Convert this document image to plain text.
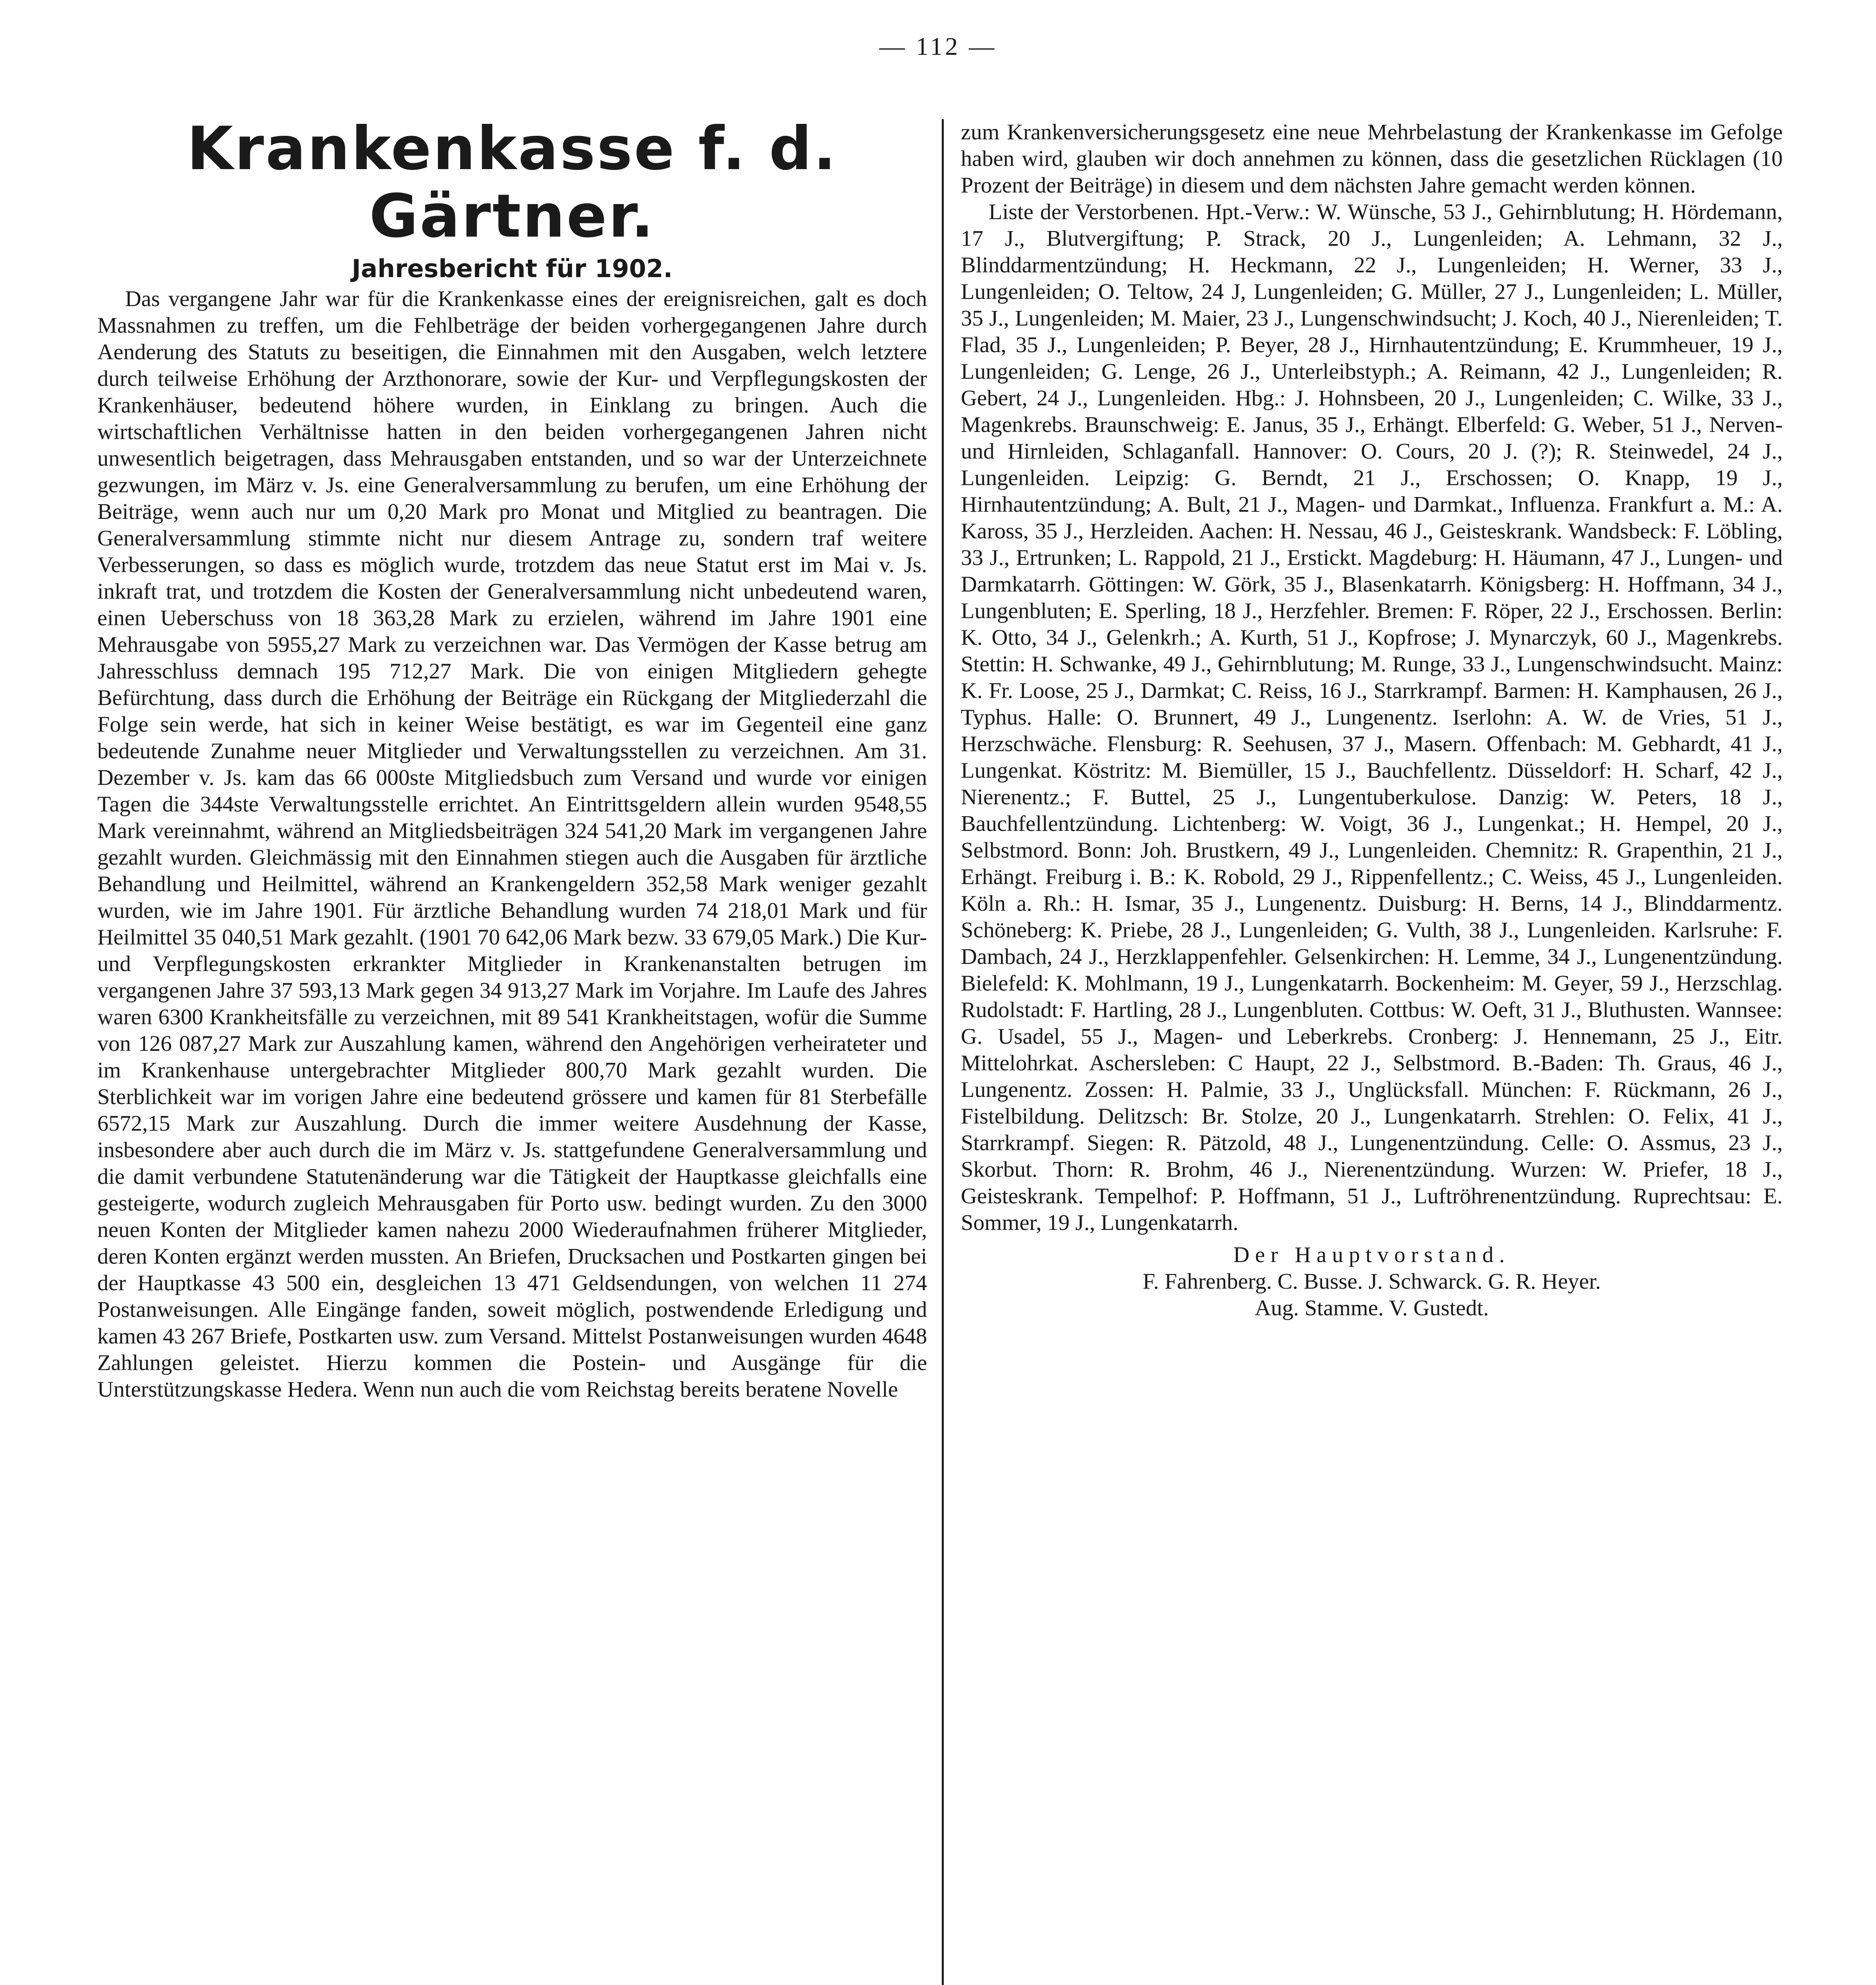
— 112 —

Krankenkasse f. d. Gärtner.

Jahresbericht für 1902.

Das vergangene Jahr war für die Krankenkasse eines der ereignisreichen, galt es doch Massnahmen zu treffen, um die Fehlbeträge der beiden vorhergegangenen Jahre durch Aenderung des Statuts zu beseitigen, die Einnahmen mit den Ausgaben, welch letztere durch teilweise Erhöhung der Arzthonorare, sowie der Kur- und Verpflegungskosten der Krankenhäuser, bedeutend höhere wurden, in Einklang zu bringen. Auch die wirtschaftlichen Verhältnisse hatten in den beiden vorhergegangenen Jahren nicht unwesentlich beigetragen, dass Mehrausgaben entstanden, und so war der Unterzeichnete gezwungen, im März v. Js. eine Generalversammlung zu berufen, um eine Erhöhung der Beiträge, wenn auch nur um 0,20 Mark pro Monat und Mitglied zu beantragen. Die Generalversammlung stimmte nicht nur diesem Antrage zu, sondern traf weitere Verbesserungen, so dass es möglich wurde, trotzdem das neue Statut erst im Mai v. Js. inkraft trat, und trotzdem die Kosten der Generalversammlung nicht unbedeutend waren, einen Ueberschuss von 18 363,28 Mark zu erzielen, während im Jahre 1901 eine Mehrausgabe von 5955,27 Mark zu verzeichnen war. Das Vermögen der Kasse betrug am Jahresschluss demnach 195 712,27 Mark. Die von einigen Mitgliedern gehegte Befürchtung, dass durch die Erhöhung der Beiträge ein Rückgang der Mitgliederzahl die Folge sein werde, hat sich in keiner Weise bestätigt, es war im Gegenteil eine ganz bedeutende Zunahme neuer Mitglieder und Verwaltungsstellen zu verzeichnen. Am 31. Dezember v. Js. kam das 66 000ste Mitgliedsbuch zum Versand und wurde vor einigen Tagen die 344ste Verwaltungsstelle errichtet. An Eintrittsgeldern allein wurden 9548,55 Mark vereinnahmt, während an Mitgliedsbeiträgen 324 541,20 Mark im vergangenen Jahre gezahlt wurden. Gleichmässig mit den Einnahmen stiegen auch die Ausgaben für ärztliche Behandlung und Heilmittel, während an Krankengeldern 352,58 Mark weniger gezahlt wurden, wie im Jahre 1901. Für ärztliche Behandlung wurden 74 218,01 Mark und für Heilmittel 35 040,51 Mark gezahlt. (1901 70 642,06 Mark bezw. 33 679,05 Mark.) Die Kur- und Verpflegungskosten erkrankter Mitglieder in Krankenanstalten betrugen im vergangenen Jahre 37 593,13 Mark gegen 34 913,27 Mark im Vorjahre. Im Laufe des Jahres waren 6300 Krankheitsfälle zu verzeichnen, mit 89 541 Krankheitstagen, wofür die Summe von 126 087,27 Mark zur Auszahlung kamen, während den Angehörigen verheirateter und im Krankenhause untergebrachter Mitglieder 800,70 Mark gezahlt wurden. Die Sterblichkeit war im vorigen Jahre eine bedeutend grössere und kamen für 81 Sterbefälle 6572,15 Mark zur Auszahlung. Durch die immer weitere Ausdehnung der Kasse, insbesondere aber auch durch die im März v. Js. stattgefundene Generalversammlung und die damit verbundene Statutenänderung war die Tätigkeit der Hauptkasse gleichfalls eine gesteigerte, wodurch zugleich Mehrausgaben für Porto usw. bedingt wurden. Zu den 3000 neuen Konten der Mitglieder kamen nahezu 2000 Wiederaufnahmen früherer Mitglieder, deren Konten ergänzt werden mussten. An Briefen, Drucksachen und Postkarten gingen bei der Hauptkasse 43 500 ein, desgleichen 13 471 Geldsendungen, von welchen 11 274 Postanweisungen. Alle Eingänge fanden, soweit möglich, postwendende Erledigung und kamen 43 267 Briefe, Postkarten usw. zum Versand. Mittelst Postanweisungen wurden 4648 Zahlungen geleistet. Hierzu kommen die Postein- und Ausgänge für die Unterstützungskasse Hedera. Wenn nun auch die vom Reichstag bereits beratene Novelle

zum Krankenversicherungsgesetz eine neue Mehrbelastung der Krankenkasse im Gefolge haben wird, glauben wir doch annehmen zu können, dass die gesetzlichen Rücklagen (10 Prozent der Beiträge) in diesem und dem nächsten Jahre gemacht werden können.

Liste der Verstorbenen. Hpt.-Verw.: W. Wünsche, 53 J., Gehirnblutung; H. Hördemann, 17 J., Blutvergiftung; P. Strack, 20 J., Lungenleiden; A. Lehmann, 32 J., Blinddarmentzündung; H. Heckmann, 22 J., Lungenleiden; H. Werner, 33 J., Lungenleiden; O. Teltow, 24 J, Lungenleiden; G. Müller, 27 J., Lungenleiden; L. Müller, 35 J., Lungenleiden; M. Maier, 23 J., Lungenschwindsucht; J. Koch, 40 J., Nierenleiden; T. Flad, 35 J., Lungenleiden; P. Beyer, 28 J., Hirnhautentzündung; E. Krummheuer, 19 J., Lungenleiden; G. Lenge, 26 J., Unterleibstyph.; A. Reimann, 42 J., Lungenleiden; R. Gebert, 24 J., Lungenleiden. Hbg.: J. Hohnsbeen, 20 J., Lungenleiden; C. Wilke, 33 J., Magenkrebs. Braunschweig: E. Janus, 35 J., Erhängt. Elberfeld: G. Weber, 51 J., Nerven- und Hirnleiden, Schlaganfall. Hannover: O. Cours, 20 J. (?); R. Steinwedel, 24 J., Lungenleiden. Leipzig: G. Berndt, 21 J., Erschossen; O. Knapp, 19 J., Hirnhautentzündung; A. Bult, 21 J., Magen- und Darmkat., Influenza. Frankfurt a. M.: A. Kaross, 35 J., Herzleiden. Aachen: H. Nessau, 46 J., Geisteskrank. Wandsbeck: F. Löbling, 33 J., Ertrunken; L. Rappold, 21 J., Erstickt. Magdeburg: H. Häumann, 47 J., Lungen- und Darmkatarrh. Göttingen: W. Görk, 35 J., Blasenkatarrh. Königsberg: H. Hoffmann, 34 J., Lungenbluten; E. Sperling, 18 J., Herzfehler. Bremen: F. Röper, 22 J., Erschossen. Berlin: K. Otto, 34 J., Gelenkrh.; A. Kurth, 51 J., Kopfrose; J. Mynarczyk, 60 J., Magenkrebs. Stettin: H. Schwanke, 49 J., Gehirnblutung; M. Runge, 33 J., Lungenschwindsucht. Mainz: K. Fr. Loose, 25 J., Darmkat; C. Reiss, 16 J., Starrkrampf. Barmen: H. Kamphausen, 26 J., Typhus. Halle: O. Brunnert, 49 J., Lungenentz. Iserlohn: A. W. de Vries, 51 J., Herzschwäche. Flensburg: R. Seehusen, 37 J., Masern. Offenbach: M. Gebhardt, 41 J., Lungenkat. Köstritz: M. Biemüller, 15 J., Bauchfellentz. Düsseldorf: H. Scharf, 42 J., Nierenentz.; F. Buttel, 25 J., Lungentuberkulose. Danzig: W. Peters, 18 J., Bauchfellentzündung. Lichtenberg: W. Voigt, 36 J., Lungenkat.; H. Hempel, 20 J., Selbstmord. Bonn: Joh. Brustkern, 49 J., Lungenleiden. Chemnitz: R. Grapenthin, 21 J., Erhängt. Freiburg i. B.: K. Robold, 29 J., Rippenfellentz.; C. Weiss, 45 J., Lungenleiden. Köln a. Rh.: H. Ismar, 35 J., Lungenentz. Duisburg: H. Berns, 14 J., Blinddarmentz. Schöneberg: K. Priebe, 28 J., Lungenleiden; G. Vulth, 38 J., Lungenleiden. Karlsruhe: F. Dambach, 24 J., Herzklappenfehler. Gelsenkirchen: H. Lemme, 34 J., Lungenentzündung. Bielefeld: K. Mohlmann, 19 J., Lungenkatarrh. Bockenheim: M. Geyer, 59 J., Herzschlag. Rudolstadt: F. Hartling, 28 J., Lungenbluten. Cottbus: W. Oeft, 31 J., Bluthusten. Wannsee: G. Usadel, 55 J., Magen- und Leberkrebs. Cronberg: J. Hennemann, 25 J., Eitr. Mittelohrkat. Aschersleben: C Haupt, 22 J., Selbstmord. B.-Baden: Th. Graus, 46 J., Lungenentz. Zossen: H. Palmie, 33 J., Unglücksfall. München: F. Rückmann, 26 J., Fistelbildung. Delitzsch: Br. Stolze, 20 J., Lungenkatarrh. Strehlen: O. Felix, 41 J., Starrkrampf. Siegen: R. Pätzold, 48 J., Lungenentzündung. Celle: O. Assmus, 23 J., Skorbut. Thorn: R. Brohm, 46 J., Nierenentzündung. Wurzen: W. Priefer, 18 J., Geisteskrank. Tempelhof: P. Hoffmann, 51 J., Luftröhrenentzündung. Ruprechtsau: E. Sommer, 19 J., Lungenkatarrh.

Der Hauptvorstand.

F. Fahrenberg. C. Busse. J. Schwarck. G. R. Heyer.

Aug. Stamme. V. Gustedt.
